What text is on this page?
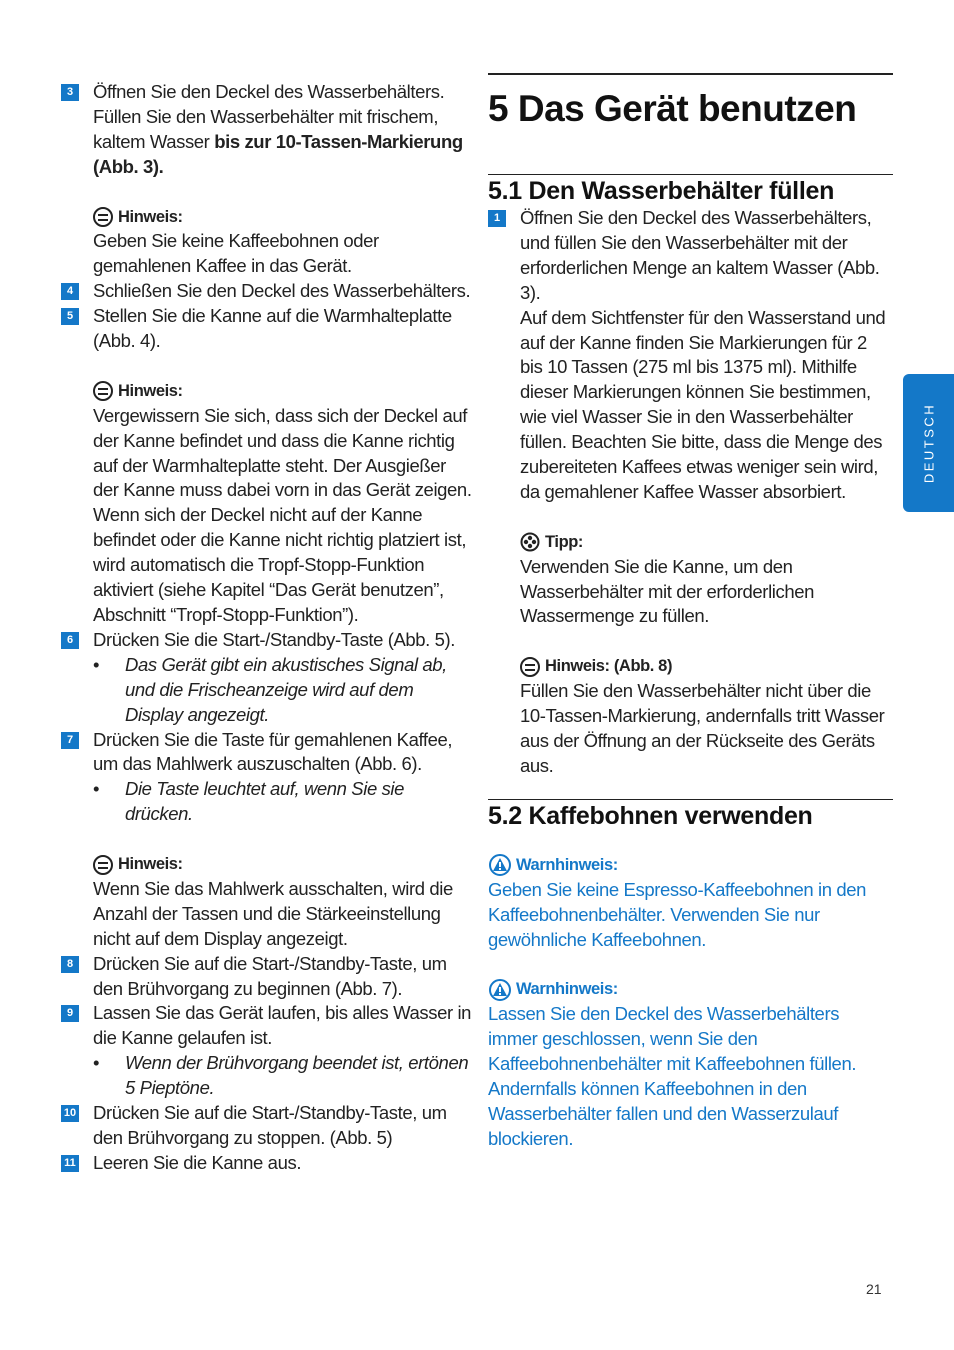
3	Öffnen Sie den Deckel des Wasserbehälters. Füllen Sie den Wasserbehälter mit frischem, kaltem Wasser bis zur 10-Tassen-Markierung (Abb. 3).

Hinweis:

Geben Sie keine Kaffeebohnen oder gemahlenen Kaffee in das Gerät.

4	Schließen Sie den Deckel des Wasserbehälters.

5	Stellen Sie die Kanne auf die Warmhalteplatte (Abb. 4).

Hinweis:

Vergewissern Sie sich, dass sich der Deckel auf der Kanne befindet und dass die Kanne richtig auf der Warmhalteplatte steht. Der Ausgießer der Kanne muss dabei vorn in das Gerät zeigen. Wenn sich der Deckel nicht auf der Kanne befindet oder die Kanne nicht richtig platziert ist, wird automatisch die Tropf-Stopp-Funktion aktiviert (siehe Kapitel “Das Gerät benutzen”, Abschnitt “Tropf-Stopp-Funktion”).

6	Drücken Sie die Start-/Standby-Taste (Abb. 5).

• Das Gerät gibt ein akustisches Signal ab, und die Frischeanzeige wird auf dem Display angezeigt.
7	Drücken Sie die Taste für gemahlenen Kaffee, um das Mahlwerk auszuschalten (Abb. 6).

• Die Taste leuchtet auf, wenn Sie sie drücken.
Hinweis:

Wenn Sie das Mahlwerk ausschalten, wird die Anzahl der Tassen und die Stärkeeinstellung nicht auf dem Display angezeigt.

8	Drücken Sie auf die Start-/Standby-Taste, um den Brühvorgang zu beginnen (Abb. 7).

9	Lassen Sie das Gerät laufen, bis alles Wasser in die Kanne gelaufen ist.

• Wenn der Brühvorgang beendet ist, ertönen 5 Pieptöne.
10 Drücken Sie auf die Start-/Standby-Taste, um den Brühvorgang zu stoppen. (Abb. 5)

11 Leeren Sie die Kanne aus.

5 Das Gerät benutzen
5.1 Den Wasserbehälter füllen
1	Öffnen Sie den Deckel des Wasserbehälters, und füllen Sie den Wasserbehälter mit der erforderlichen Menge an kaltem Wasser (Abb. 3).

Auf dem Sichtfenster für den Wasserstand und auf der Kanne finden Sie Markierungen für 2 bis 10 Tassen (275 ml bis 1375 ml). Mithilfe dieser Markierungen können Sie bestimmen, wie viel Wasser Sie in den Wasserbehälter füllen. Beachten Sie bitte, dass die Menge des zubereiteten Kaffees etwas weniger sein wird, da gemahlener Kaffee Wasser absorbiert.

Tipp:

Verwenden Sie die Kanne, um den Wasserbehälter mit der erforderlichen Wassermenge zu füllen.

Hinweis: (Abb. 8)

Füllen Sie den Wasserbehälter nicht über die 10-Tassen-Markierung, andernfalls tritt Wasser aus der Öffnung an der Rückseite des Geräts aus.

5.2 Kaffebohnen verwenden
Warnhinweis:

Geben Sie keine Espresso-Kaffeebohnen in den Kaffeebohnenbehälter. Verwenden Sie nur gewöhnliche Kaffeebohnen.

Warnhinweis:

Lassen Sie den Deckel des Wasserbehälters immer geschlossen, wenn Sie den Kaffeebohnenbehälter mit Kaffeebohnen füllen. Andernfalls können Kaffeebohnen in den Wasserbehälter fallen und den Wasserzulauf blockieren.

DEUTSCH
21
